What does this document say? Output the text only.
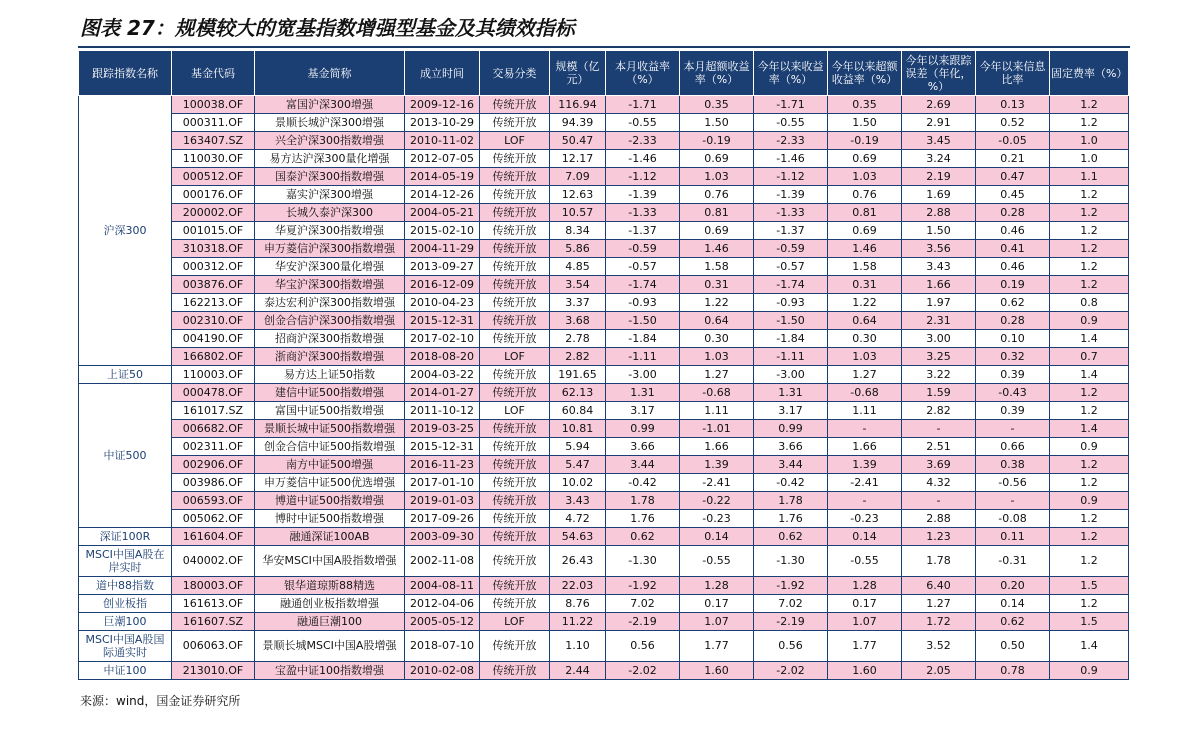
图表 27：规模较大的宽基指数增强型基金及其绩效指标
跟踪指数名称	基金代码	基金简称	成立时间	交易分类	规模（亿元）	本月收益率（%）	本月超额收益率（%）	今年以来收益率（%）	今年以来超额收益率（%）	今年以来跟踪误差（年化，%）	今年以来信息比率	固定费率（%）
沪深300	100038.OF	富国沪深300增强	2009-12-16	传统开放	116.94	-1.71	0.35	-1.71	0.35	2.69	0.13	1.2
	000311.OF	景顺长城沪深300增强	2013-10-29	传统开放	94.39	-0.55	1.50	-0.55	1.50	2.91	0.52	1.2
	163407.SZ	兴全沪深300指数增强	2010-11-02	LOF	50.47	-2.33	-0.19	-2.33	-0.19	3.45	-0.05	1.0
	110030.OF	易方达沪深300量化增强	2012-07-05	传统开放	12.17	-1.46	0.69	-1.46	0.69	3.24	0.21	1.0
	000512.OF	国泰沪深300指数增强	2014-05-19	传统开放	7.09	-1.12	1.03	-1.12	1.03	2.19	0.47	1.1
	000176.OF	嘉实沪深300增强	2014-12-26	传统开放	12.63	-1.39	0.76	-1.39	0.76	1.69	0.45	1.2
	200002.OF	长城久泰沪深300	2004-05-21	传统开放	10.57	-1.33	0.81	-1.33	0.81	2.88	0.28	1.2
	001015.OF	华夏沪深300指数增强	2015-02-10	传统开放	8.34	-1.37	0.69	-1.37	0.69	1.50	0.46	1.2
	310318.OF	申万菱信沪深300指数增强	2004-11-29	传统开放	5.86	-0.59	1.46	-0.59	1.46	3.56	0.41	1.2
	000312.OF	华安沪深300量化增强	2013-09-27	传统开放	4.85	-0.57	1.58	-0.57	1.58	3.43	0.46	1.2
	003876.OF	华宝沪深300指数增强	2016-12-09	传统开放	3.54	-1.74	0.31	-1.74	0.31	1.66	0.19	1.2
	162213.OF	泰达宏利沪深300指数增强	2010-04-23	传统开放	3.37	-0.93	1.22	-0.93	1.22	1.97	0.62	0.8
	002310.OF	创金合信沪深300指数增强	2015-12-31	传统开放	3.68	-1.50	0.64	-1.50	0.64	2.31	0.28	0.9
	004190.OF	招商沪深300指数增强	2017-02-10	传统开放	2.78	-1.84	0.30	-1.84	0.30	3.00	0.10	1.4
	166802.OF	浙商沪深300指数增强	2018-08-20	LOF	2.82	-1.11	1.03	-1.11	1.03	3.25	0.32	0.7
上证50	110003.OF	易方达上证50指数	2004-03-22	传统开放	191.65	-3.00	1.27	-3.00	1.27	3.22	0.39	1.4
中证500	000478.OF	建信中证500指数增强	2014-01-27	传统开放	62.13	1.31	-0.68	1.31	-0.68	1.59	-0.43	1.2
	161017.SZ	富国中证500指数增强	2011-10-12	LOF	60.84	3.17	1.11	3.17	1.11	2.82	0.39	1.2
	006682.OF	景顺长城中证500指数增强	2019-03-25	传统开放	10.81	0.99	-1.01	0.99	-	-	-	1.4
	002311.OF	创金合信中证500指数增强	2015-12-31	传统开放	5.94	3.66	1.66	3.66	1.66	2.51	0.66	0.9
	002906.OF	南方中证500增强	2016-11-23	传统开放	5.47	3.44	1.39	3.44	1.39	3.69	0.38	1.2
	003986.OF	申万菱信中证500优选增强	2017-01-10	传统开放	10.02	-0.42	-2.41	-0.42	-2.41	4.32	-0.56	1.2
	006593.OF	博道中证500指数增强	2019-01-03	传统开放	3.43	1.78	-0.22	1.78	-	-	-	0.9
	005062.OF	博时中证500指数增强	2017-09-26	传统开放	4.72	1.76	-0.23	1.76	-0.23	2.88	-0.08	1.2
深证100R	161604.OF	融通深证100AB	2003-09-30	传统开放	54.63	0.62	0.14	0.62	0.14	1.23	0.11	1.2
MSCI中国A股在岸实时	040002.OF	华安MSCI中国A股指数增强	2002-11-08	传统开放	26.43	-1.30	-0.55	-1.30	-0.55	1.78	-0.31	1.2
道中88指数	180003.OF	银华道琼斯88精选	2004-08-11	传统开放	22.03	-1.92	1.28	-1.92	1.28	6.40	0.20	1.5
创业板指	161613.OF	融通创业板指数增强	2012-04-06	传统开放	8.76	7.02	0.17	7.02	0.17	1.27	0.14	1.2
巨潮100	161607.SZ	融通巨潮100	2005-05-12	LOF	11.22	-2.19	1.07	-2.19	1.07	1.72	0.62	1.5
MSCI中国A股国际通实时	006063.OF	景顺长城MSCI中国A股增强	2018-07-10	传统开放	1.10	0.56	1.77	0.56	1.77	3.52	0.50	1.4
中证100	213010.OF	宝盈中证100指数增强	2010-02-08	传统开放	2.44	-2.02	1.60	-2.02	1.60	2.05	0.78	0.9
来源：wind，国金证券研究所
